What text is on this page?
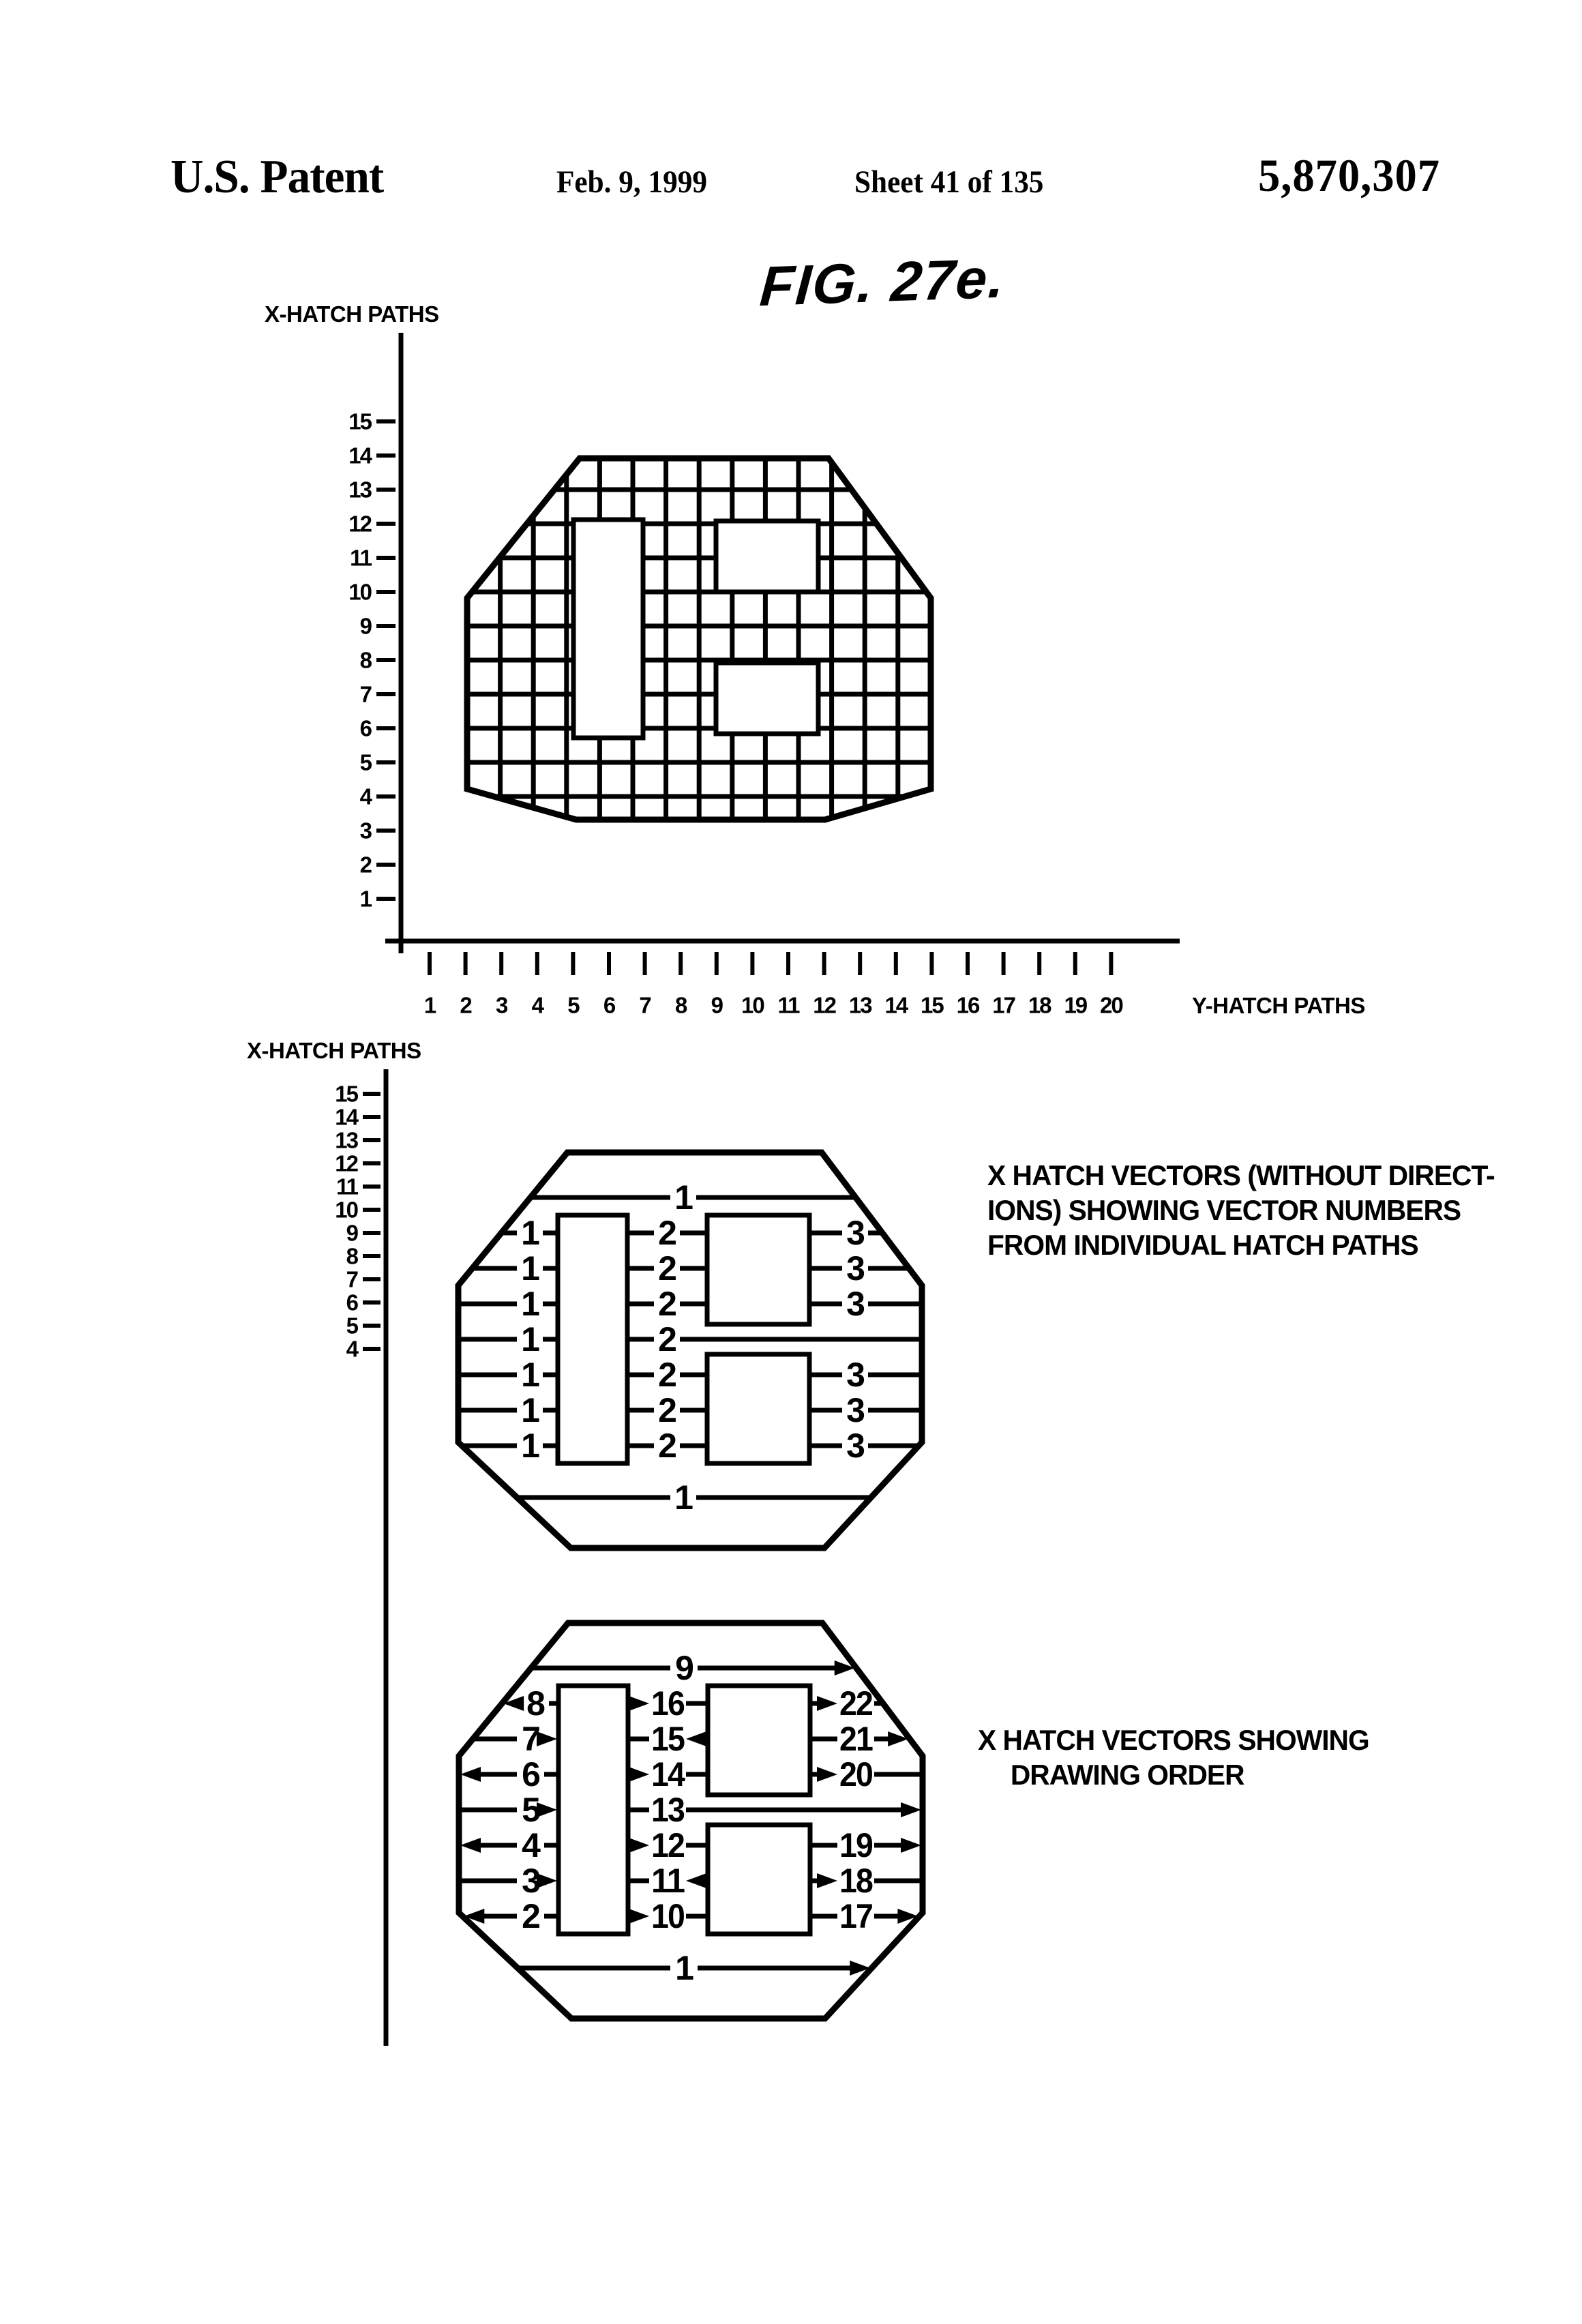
U.S. Patent	Feb. 9, 1999	Sheet 41 of 135	5,870,307
FIG. 27e.
X-HATCH PATHS
Y-HATCH PATHS
X-HATCH PATHS
X HATCH VECTORS (WITHOUT DIRECT-
IONS) SHOWING VECTOR NUMBERS
FROM INDIVIDUAL HATCH PATHS
X HATCH VECTORS SHOWING
DRAWING ORDER
15
14
13
12
11
10
9
8
7
6
5
4
3
2
1
1 2 3 4 5 6 7 8 9 10 11 12 13 14 15 16 17 18 19 20
15
14
13
12
11
10
9
8
7
6
5
4
1
1	2	3
1	2	3
1	2	3
1	2
1	2	3
1	2	3
1	2	3
1
1
2
3
4
5
6
7
8
9
10
11
12
13
14
15
16
17
18
19
20
21
22
